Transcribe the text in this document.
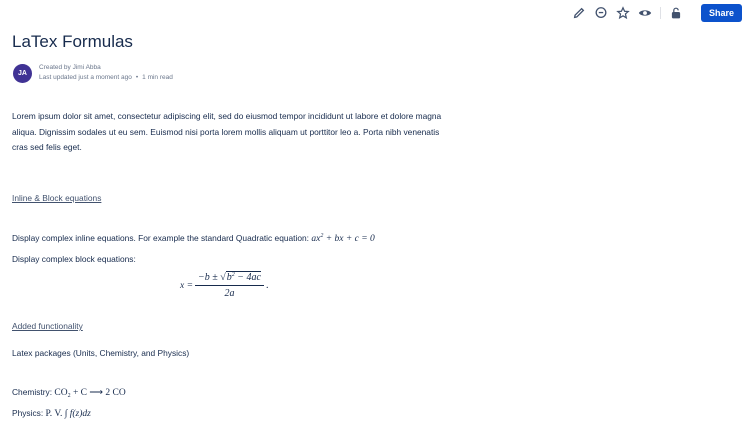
Share
LaTex Formulas
JA
Created by Jimi Abba
Last updated just a moment ago • 1 min read

Lorem ipsum dolor sit amet, consectetur adipiscing elit, sed do eiusmod tempor incididunt ut labore et dolore magna aliqua. Dignissim sodales ut eu sem. Euismod nisi porta lorem mollis aliquam ut porttitor leo a. Porta nibh venenatis cras sed felis eget.

Inline & Block equations
Display complex inline equations. For example the standard Quadratic equation: $ax^2$ + bx + c = 0
Display complex block equations:
$x = \frac{-b \pm √b^2 - 4ac}{2a}$ .
Added functionality
Latex packages (Units, Chemistry, and Physics)
Chemistry: $CO_2 + C$ ⟶ 2 CO
Physics: P. V. ∫ f(z)dz
